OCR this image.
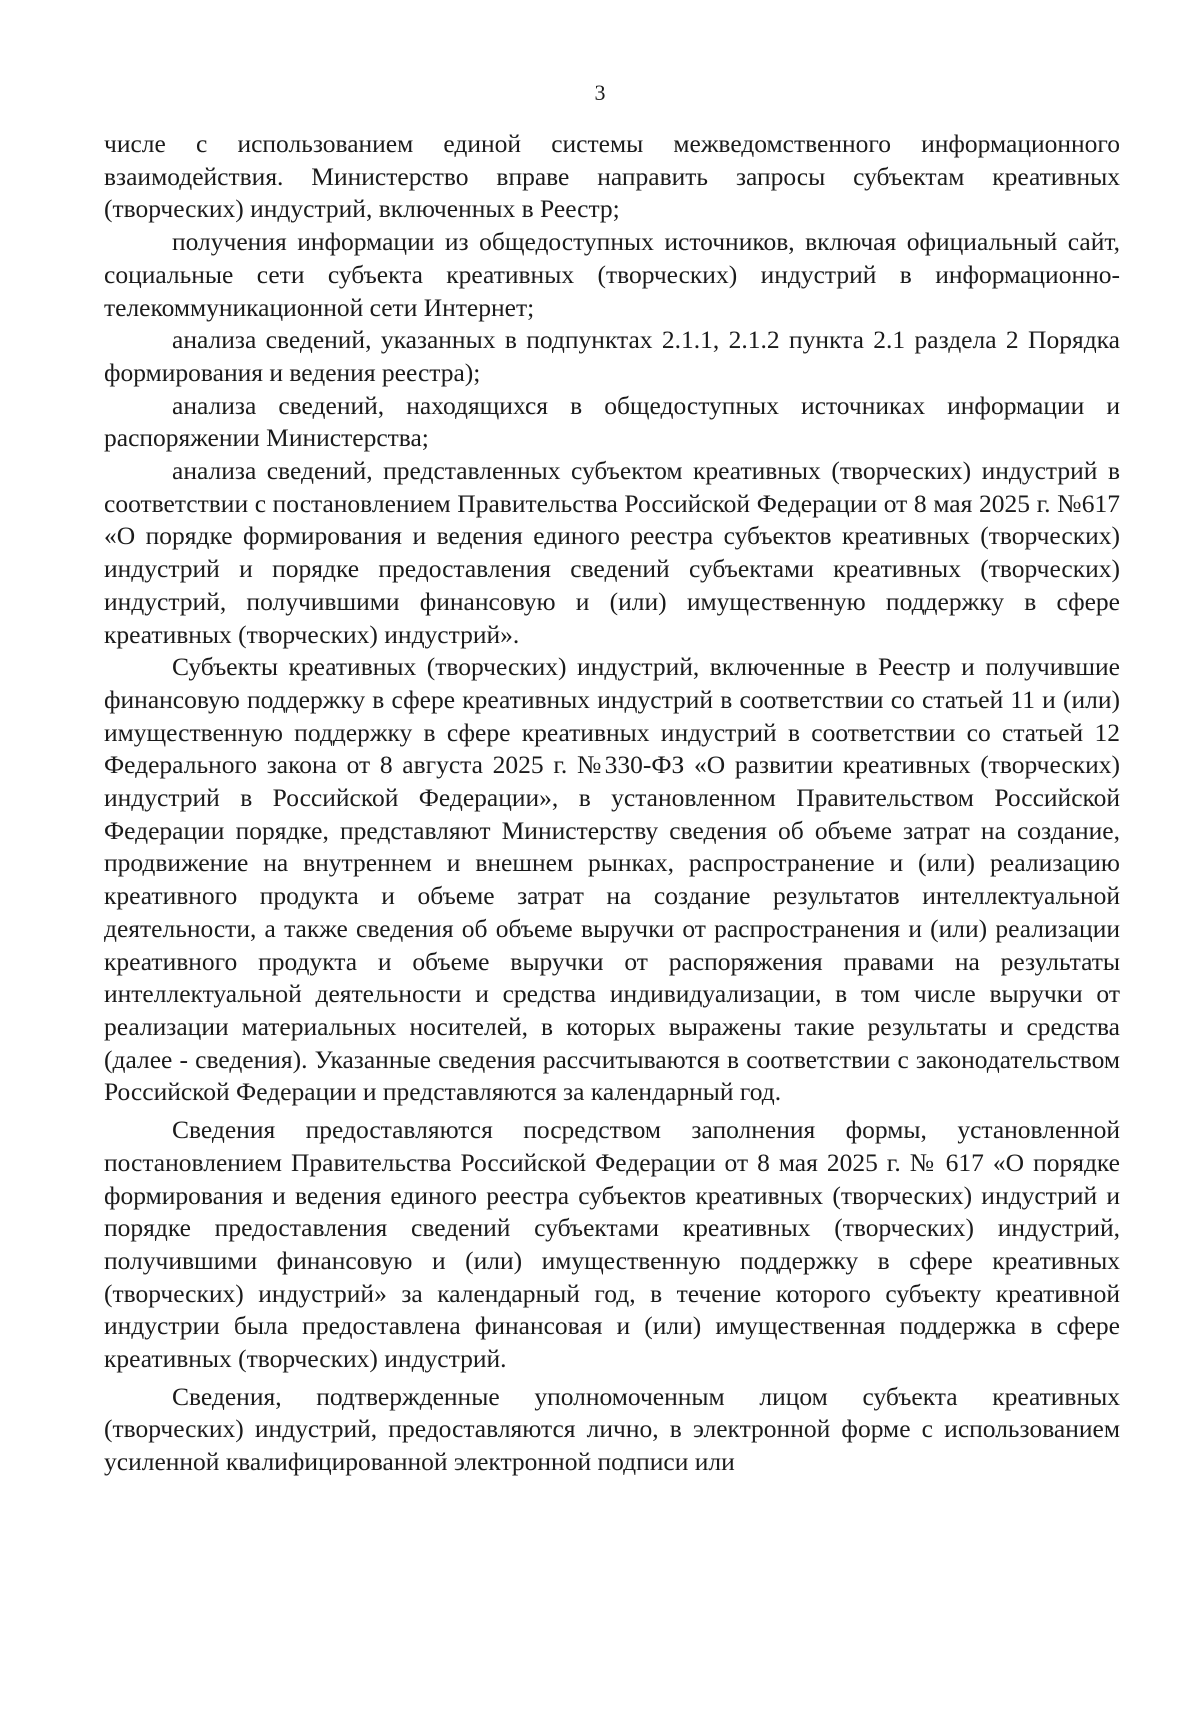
3

числе с использованием единой системы межведомственного информационного взаимодействия. Министерство вправе направить запросы субъектам креативных (творческих) индустрий, включенных в Реестр;

получения информации из общедоступных источников, включая официальный сайт, социальные сети субъекта креативных (творческих) индустрий в информационно-телекоммуникационной сети Интернет;

анализа сведений, указанных в подпунктах 2.1.1, 2.1.2 пункта 2.1 раздела 2 Порядка формирования и ведения реестра);

анализа сведений, находящихся в общедоступных источниках информации и распоряжении Министерства;

анализа сведений, представленных субъектом креативных (творческих) индустрий в соответствии с постановлением Правительства Российской Федерации от 8 мая 2025 г. №617 «О порядке формирования и ведения единого реестра субъектов креативных (творческих) индустрий и порядке предоставления сведений субъектами креативных (творческих) индустрий, получившими финансовую и (или) имущественную поддержку в сфере креативных (творческих) индустрий».

Субъекты креативных (творческих) индустрий, включенные в Реестр и получившие финансовую поддержку в сфере креативных индустрий в соответствии со статьей 11 и (или) имущественную поддержку в сфере креативных индустрий в соответствии со статьей 12 Федерального закона от 8 августа 2025 г. №330-ФЗ «О развитии креативных (творческих) индустрий в Российской Федерации», в установленном Правительством Российской Федерации порядке, представляют Министерству сведения об объеме затрат на создание, продвижение на внутреннем и внешнем рынках, распространение и (или) реализацию креативного продукта и объеме затрат на создание результатов интеллектуальной деятельности, а также сведения об объеме выручки от распространения и (или) реализации креативного продукта и объеме выручки от распоряжения правами на результаты интеллектуальной деятельности и средства индивидуализации, в том числе выручки от реализации материальных носителей, в которых выражены такие результаты и средства (далее - сведения). Указанные сведения рассчитываются в соответствии с законодательством Российской Федерации и представляются за календарный год.

Сведения предоставляются посредством заполнения формы, установленной постановлением Правительства Российской Федерации от 8 мая 2025 г. № 617 «О порядке формирования и ведения единого реестра субъектов креативных (творческих) индустрий и порядке предоставления сведений субъектами креативных (творческих) индустрий, получившими финансовую и (или) имущественную поддержку в сфере креативных (творческих) индустрий» за календарный год, в течение которого субъекту креативной индустрии была предоставлена финансовая и (или) имущественная поддержка в сфере креативных (творческих) индустрий.

Сведения, подтвержденные уполномоченным лицом субъекта креативных (творческих) индустрий, предоставляются лично, в электронной форме с использованием усиленной квалифицированной электронной подписи или
